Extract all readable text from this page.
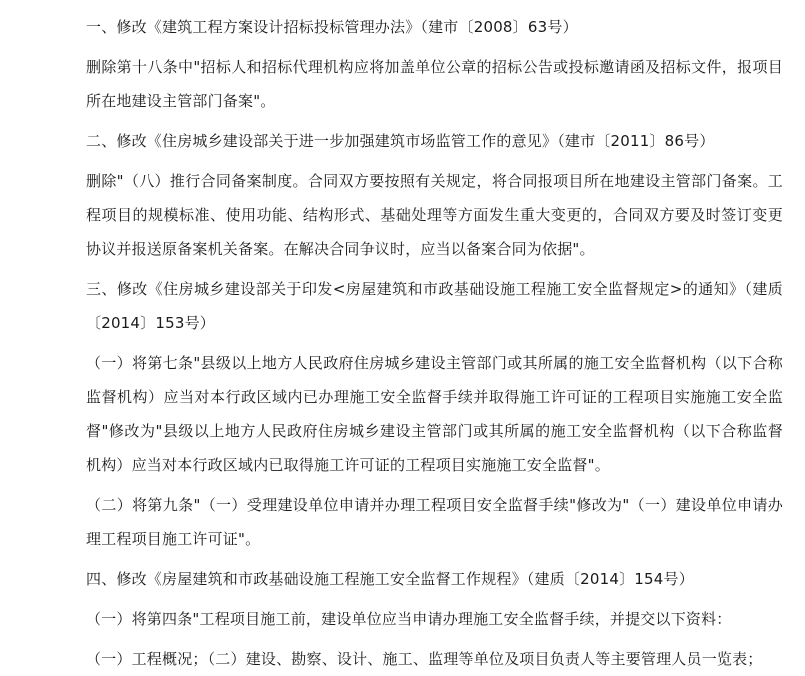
一、修改《建筑工程方案设计招标投标管理办法》（建市〔2008〕63号）

删除第十八条中"招标人和招标代理机构应将加盖单位公章的招标公告或投标邀请函及招标文件，报项目所在地建设主管部门备案"。

二、修改《住房城乡建设部关于进一步加强建筑市场监管工作的意见》（建市〔2011〕86号）

删除"（八）推行合同备案制度。合同双方要按照有关规定，将合同报项目所在地建设主管部门备案。工程项目的规模标准、使用功能、结构形式、基础处理等方面发生重大变更的，合同双方要及时签订变更协议并报送原备案机关备案。在解决合同争议时，应当以备案合同为依据"。

三、修改《住房城乡建设部关于印发<房屋建筑和市政基础设施工程施工安全监督规定>的通知》（建质〔2014〕153号）

（一）将第七条"县级以上地方人民政府住房城乡建设主管部门或其所属的施工安全监督机构（以下合称监督机构）应当对本行政区域内已办理施工安全监督手续并取得施工许可证的工程项目实施施工安全监督"修改为"县级以上地方人民政府住房城乡建设主管部门或其所属的施工安全监督机构（以下合称监督机构）应当对本行政区域内已取得施工许可证的工程项目实施施工安全监督"。

（二）将第九条"（一）受理建设单位申请并办理工程项目安全监督手续"修改为"（一）建设单位申请办理工程项目施工许可证"。

四、修改《房屋建筑和市政基础设施工程施工安全监督工作规程》（建质〔2014〕154号）

（一）将第四条"工程项目施工前，建设单位应当申请办理施工安全监督手续，并提交以下资料：

（一）工程概况；（二）建设、勘察、设计、施工、监理等单位及项目负责人等主要管理人员一览表；
